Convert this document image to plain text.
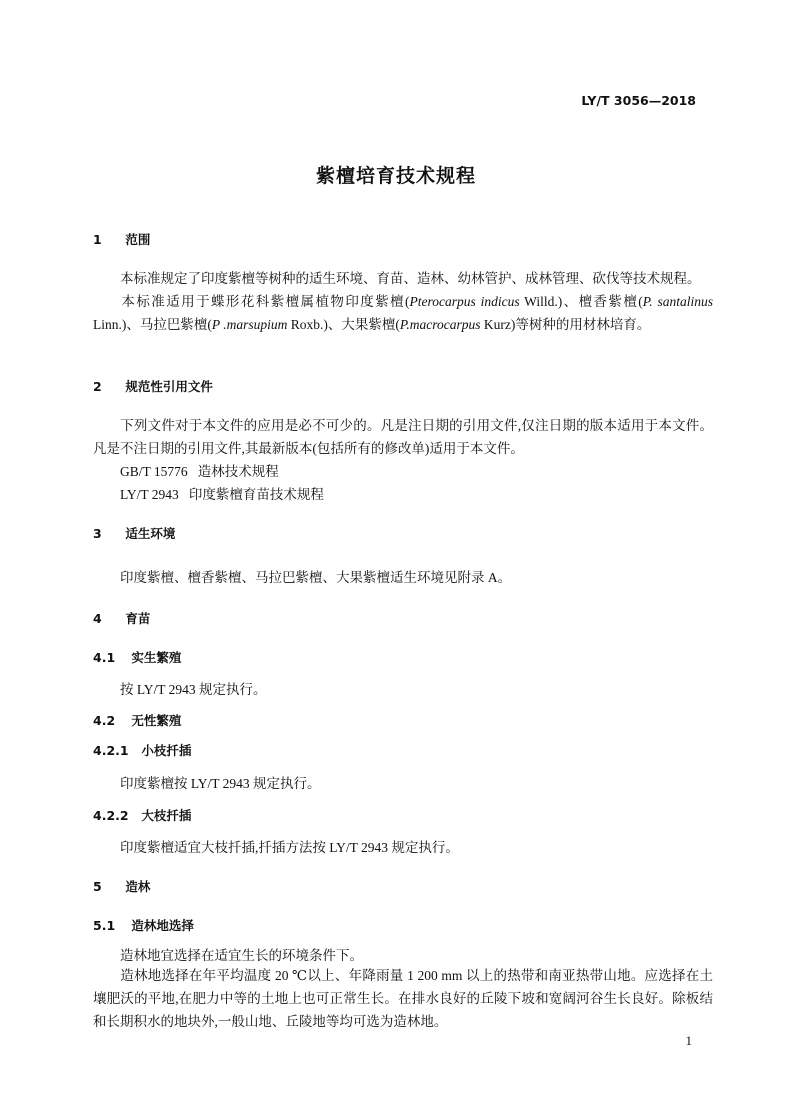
LY/T 3056—2018
紫檀培育技术规程
1 范围
本标准规定了印度紫檀等树种的适生环境、育苗、造林、幼林管护、成林管理、砍伐等技术规程。
本标准适用于蝶形花科紫檀属植物印度紫檀(Pterocarpus indicus Willd.)、檀香紫檀(P. santalinus Linn.)、马拉巴紫檀(P .marsupium Roxb.)、大果紫檀(P.macrocarpus Kurz)等树种的用材林培育。
2 规范性引用文件
下列文件对于本文件的应用是必不可少的。凡是注日期的引用文件,仅注日期的版本适用于本文件。凡是不注日期的引用文件,其最新版本(包括所有的修改单)适用于本文件。
GB/T 15776 造林技术规程
LY/T 2943 印度紫檀育苗技术规程
3 适生环境
印度紫檀、檀香紫檀、马拉巴紫檀、大果紫檀适生环境见附录 A。
4 育苗
4.1 实生繁殖
按 LY/T 2943 规定执行。
4.2 无性繁殖
4.2.1 小枝扦插
印度紫檀按 LY/T 2943 规定执行。
4.2.2 大枝扦插
印度紫檀适宜大枝扦插,扦插方法按 LY/T 2943 规定执行。
5 造林
5.1 造林地选择
造林地宜选择在适宜生长的环境条件下。
造林地选择在年平均温度 20 ℃以上、年降雨量 1 200 mm 以上的热带和南亚热带山地。应选择在土壤肥沃的平地,在肥力中等的土地上也可正常生长。在排水良好的丘陵下坡和宽阔河谷生长良好。除板结和长期积水的地块外,一般山地、丘陵地等均可选为造林地。
1
